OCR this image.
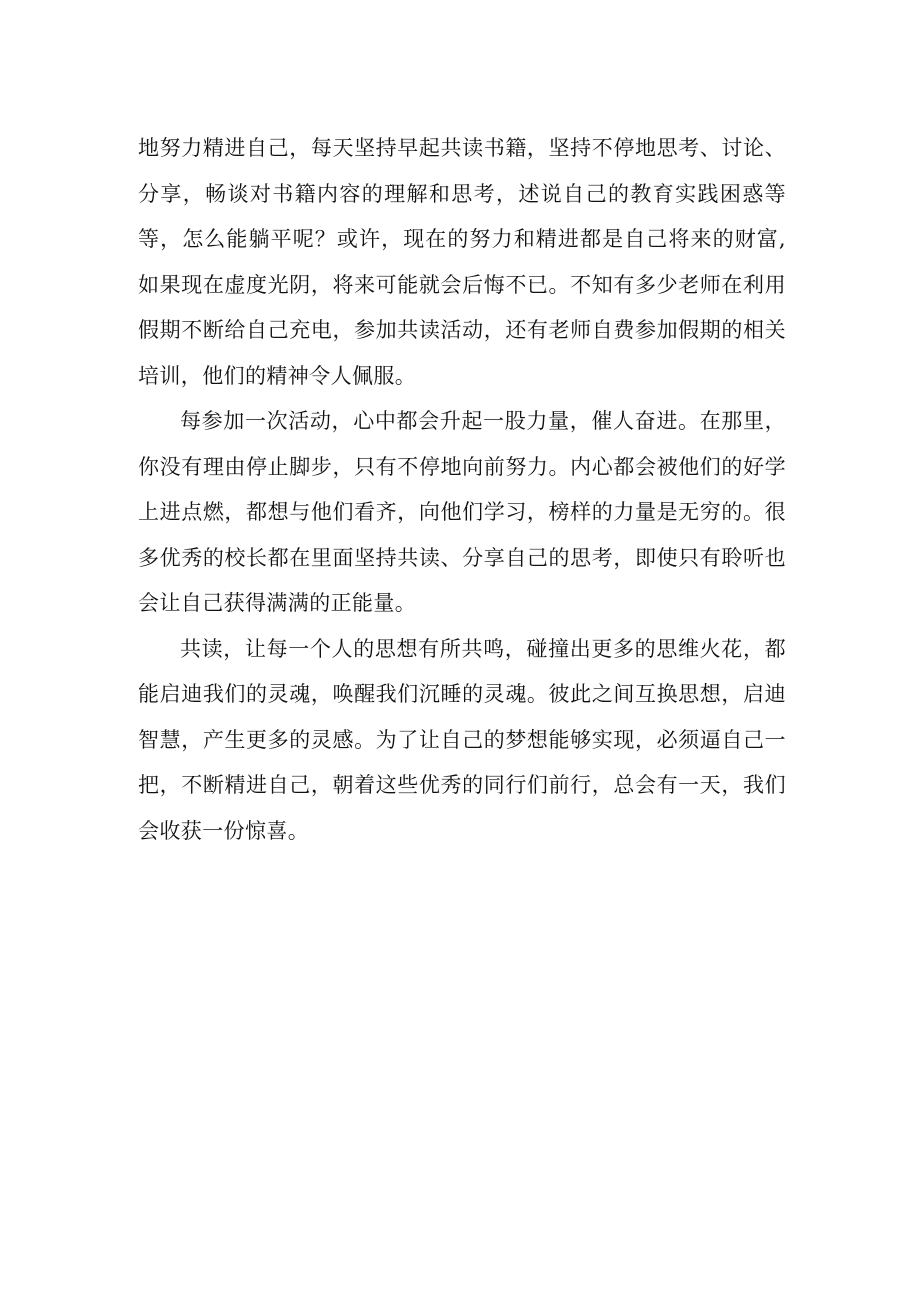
地努力精进自己，每天坚持早起共读书籍，坚持不停地思考、讨论、分享，畅谈对书籍内容的理解和思考，述说自己的教育实践困惑等等，怎么能躺平呢？或许，现在的努力和精进都是自己将来的财富,如果现在虚度光阴，将来可能就会后悔不已。不知有多少老师在利用假期不断给自己充电，参加共读活动，还有老师自费参加假期的相关培训，他们的精神令人佩服。

每参加一次活动，心中都会升起一股力量，催人奋进。在那里，你没有理由停止脚步，只有不停地向前努力。内心都会被他们的好学上进点燃，都想与他们看齐，向他们学习，榜样的力量是无穷的。很多优秀的校长都在里面坚持共读、分享自己的思考，即使只有聆听也会让自己获得满满的正能量。

共读，让每一个人的思想有所共鸣，碰撞出更多的思维火花，都能启迪我们的灵魂，唤醒我们沉睡的灵魂。彼此之间互换思想，启迪智慧，产生更多的灵感。为了让自己的梦想能够实现，必须逼自己一把，不断精进自己，朝着这些优秀的同行们前行，总会有一天，我们会收获一份惊喜。
